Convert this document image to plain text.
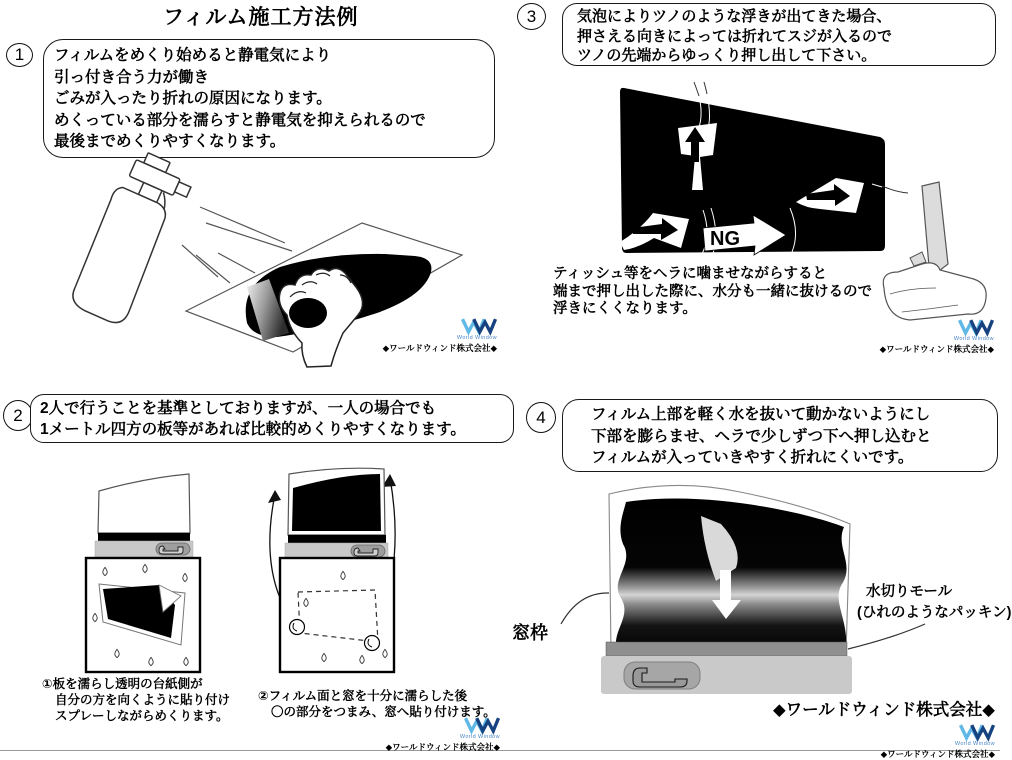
フィルム施工方法例
1 フィルムをめくり始めると静電気により
引っ付き合う力が働き
ごみが入ったり折れの原因になります。
めくっている部分を濡らすと静電気を抑えられるので
最後までめくりやすくなります。
World Window
◆ワールドウィンド株式会社◆
3	気泡によりツノのような浮きが出てきた場合、
押さえる向きによっては折れてスジが入るので
ツノの先端からゆっくり押し出して下さい。
NG
ティッシュ等をヘラに噛ませながらすると
端まで押し出した際に、水分も一緒に抜けるので
浮きにくくなります。
World Window
◆ワールドウィンド株式会社◆
2 2人で行うことを基準としておりますが、一人の場合でも
1メートル四方の板等があれば比較的めくりやすくなります。
①板を濡らし透明の台紙側が
自分の方を向くように貼り付け
スプレーしながらめくります。
②フィルム面と窓を十分に濡らした後
〇の部分をつまみ、窓へ貼り付けます。
World Window
◆ワールドウィンド株式会社◆
4	フィルム上部を軽く水を抜いて動かないようにし
下部を膨らませ、ヘラで少しずつ下へ押し込むと
フィルムが入っていきやすく折れにくいです。
窓枠
水切りモール
(ひれのようなパッキン)
◆ワールドウィンド株式会社◆
World Window
◆ワールドウィンド株式会社◆
